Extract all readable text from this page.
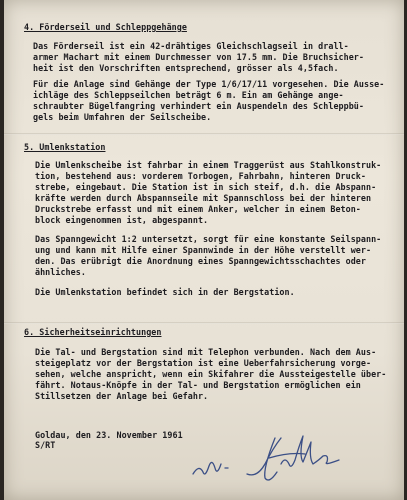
4. Förderseil und Schleppgehänge
Das Förderseil ist ein 42-drähtiges Gleichschlagseil in drall-
armer Machart mit einem Durchmesser von 17.5 mm. Die Bruchsicher-
heit ist den Vorschriften entsprechend, grösser als 4,5fach.
Für die Anlage sind Gehänge der Type 1/6/17/11 vorgesehen. Die Ausse-
ichläge des Schleppseilchen beträgt 6 m. Ein am Gehänge ange-
schraubter Bügelfangring verhindert ein Auspendeln des Schleppbü-
gels beim Umfahren der Seilscheibe.
5. Umlenkstation
Die Umlenkscheibe ist fahrbar in einem Traggerüst aus Stahlkonstruk-
tion, bestehend aus: vorderem Torbogen, Fahrbahn, hinteren Druck-
strebe, eingebaut. Die Station ist in sich steif, d.h. die Abspann-
kräfte werden durch Abspannseile mit Spannschloss bei der hinteren
Druckstrebe erfasst und mit einem Anker, welcher in einem Beton-
block eingenommen ist, abgespannt.
Das Spanngewicht 1:2 untersetzt, sorgt für eine konstante Seilspann-
ung und kann mit Hilfe einer Spannwinde in der Höhe verstellt wer-
den. Das erübrigt die Anordnung eines Spanngewichtsschachtes oder
ähnliches.
Die Umlenkstation befindet sich in der Bergstation.
6. Sicherheitseinrichtungen
Die Tal- und Bergstation sind mit Telephon verbunden. Nach dem Aus-
steigeplatz vor der Bergstation ist eine Ueberfahrsicherung vorge-
sehen, welche anspricht, wenn ein Skifahrer die Aussteigestelle über-
fährt. Notaus-Knöpfe in der Tal- und Bergstation ermöglichen ein
Stillsetzen der Anlage bei Gefahr.
Goldau, den 23. November 1961
S/RT
